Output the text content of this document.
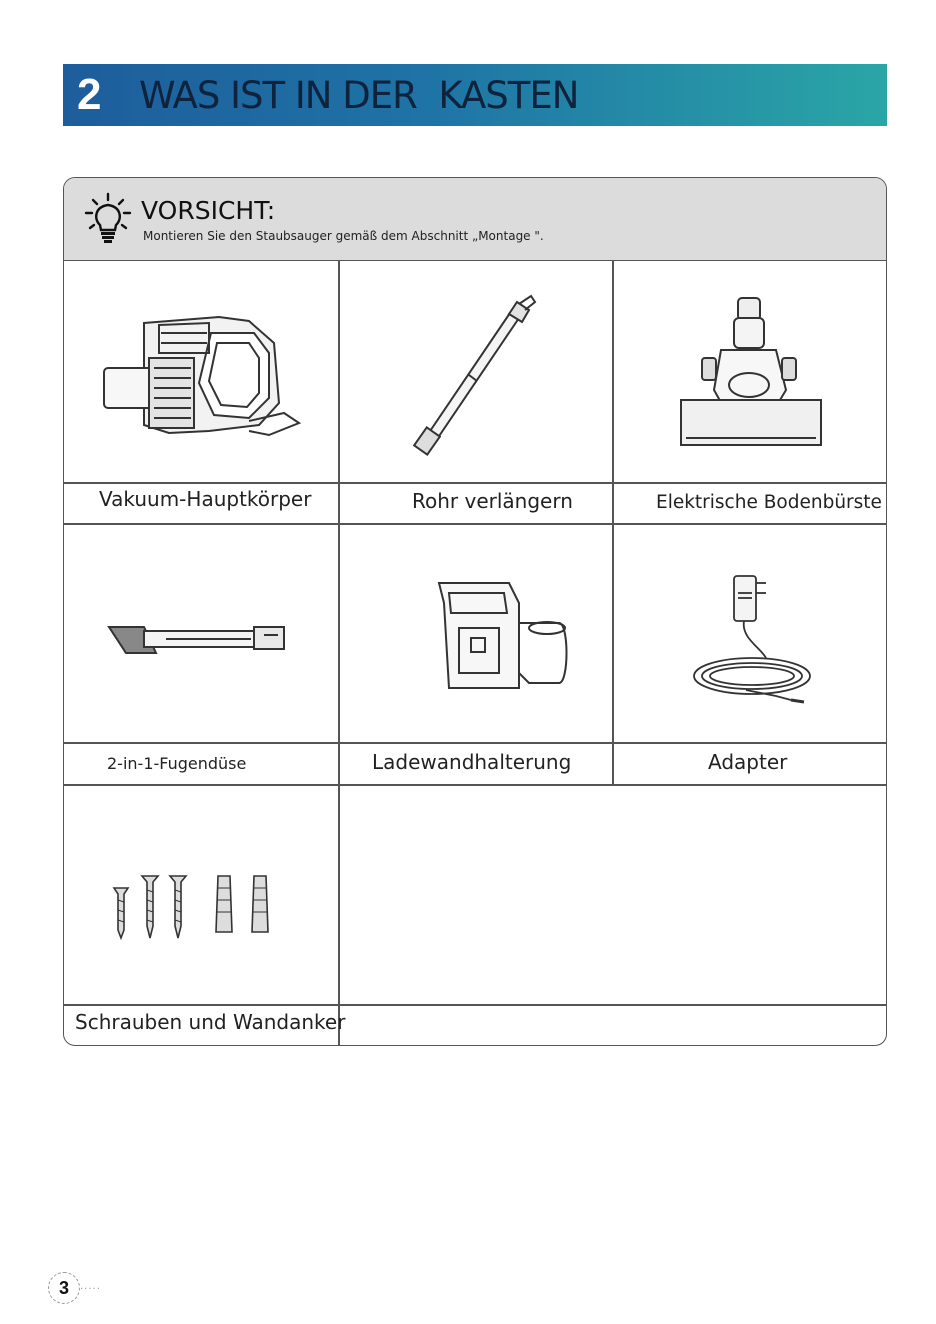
2	WAS IST IN DER  KASTEN
VORSICHT:
Montieren Sie den Staubsauger gemäß dem Abschnitt „Montage ".
Vakuum-Hauptkörper	Rohr verlängern	Elektrische Bodenbürste
2-in-1-Fugendüse	Ladewandhalterung	Adapter
Schrauben und Wandanker
3	·····
